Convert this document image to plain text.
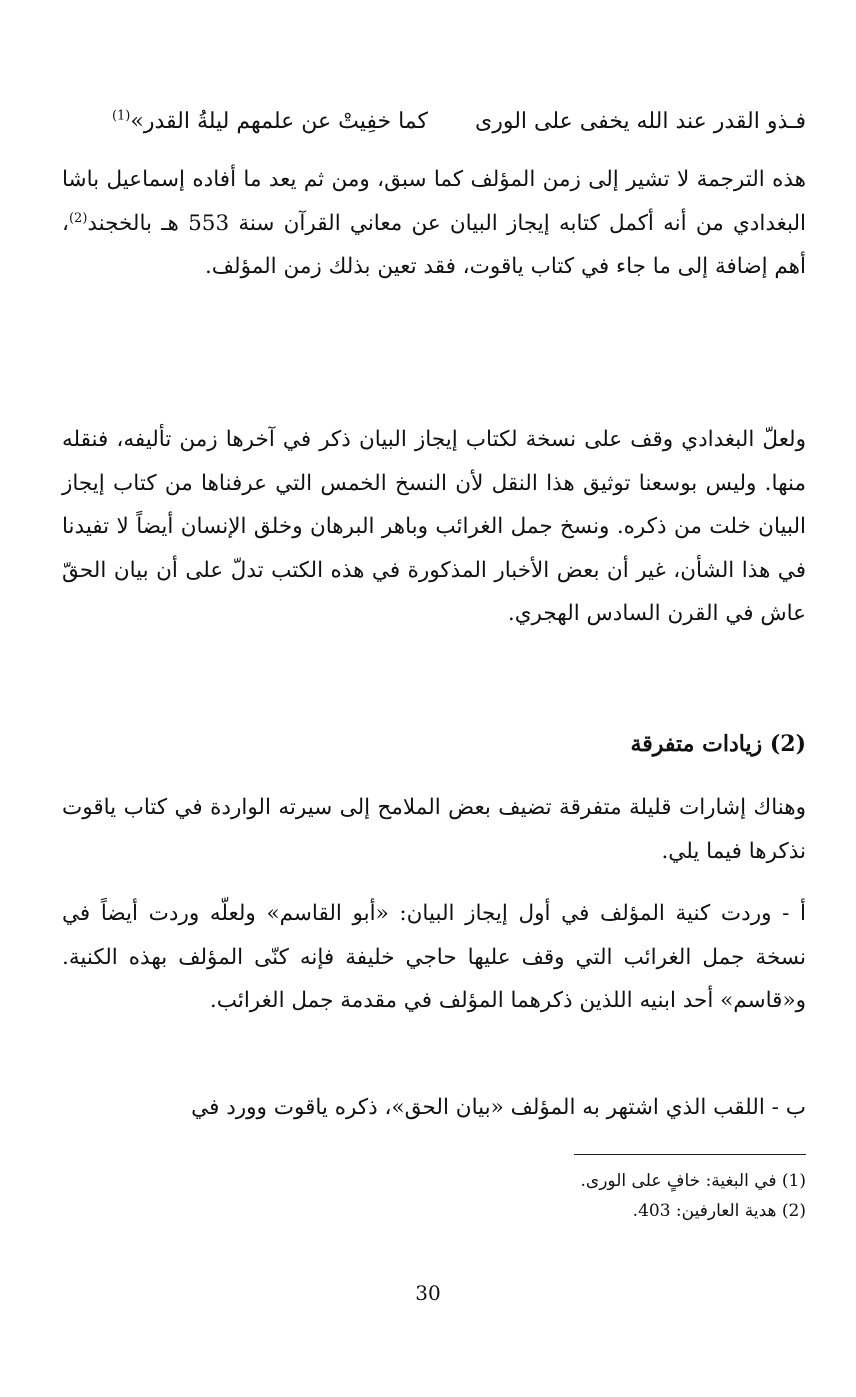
فـذو القدر عند الله يخفى على الورى
كما خفِيتْ عن علمهم ليلةُ القدر»$^{(1)}$

هذه الترجمة لا تشير إلى زمن المؤلف كما سبق، ومن ثم يعد ما أفاده إسماعيل باشا البغدادي من أنه أكمل كتابه إيجاز البيان عن معاني القرآن سنة 553 هـ بالخجند$^{(2)}$، أهم إضافة إلى ما جاء في كتاب ياقوت، فقد تعين بذلك زمن المؤلف.

ولعلّ البغدادي وقف على نسخة لكتاب إيجاز البيان ذكر في آخرها زمن تأليفه، فنقله منها. وليس بوسعنا توثيق هذا النقل لأن النسخ الخمس التي عرفناها من كتاب إيجاز البيان خلت من ذكره. ونسخ جمل الغرائب وباهر البرهان وخلق الإنسان أيضاً لا تفيدنا في هذا الشأن، غير أن بعض الأخبار المذكورة في هذه الكتب تدلّ على أن بيان الحقّ عاش في القرن السادس الهجري.

(2) زيادات متفرقة

وهناك إشارات قليلة متفرقة تضيف بعض الملامح إلى سيرته الواردة في كتاب ياقوت نذكرها فيما يلي.

أ - وردت كنية المؤلف في أول إيجاز البيان: «أبو القاسم» ولعلّه وردت أيضاً في نسخة جمل الغرائب التي وقف عليها حاجي خليفة فإنه كنّى المؤلف بهذه الكنية. و«قاسم» أحد ابنيه اللذين ذكرهما المؤلف في مقدمة جمل الغرائب.

ب - اللقب الذي اشتهر به المؤلف «بيان الحق»، ذكره ياقوت وورد في

(1) في البغية: خافٍ على الورى.
(2) هدية العارفين: 403.
30
